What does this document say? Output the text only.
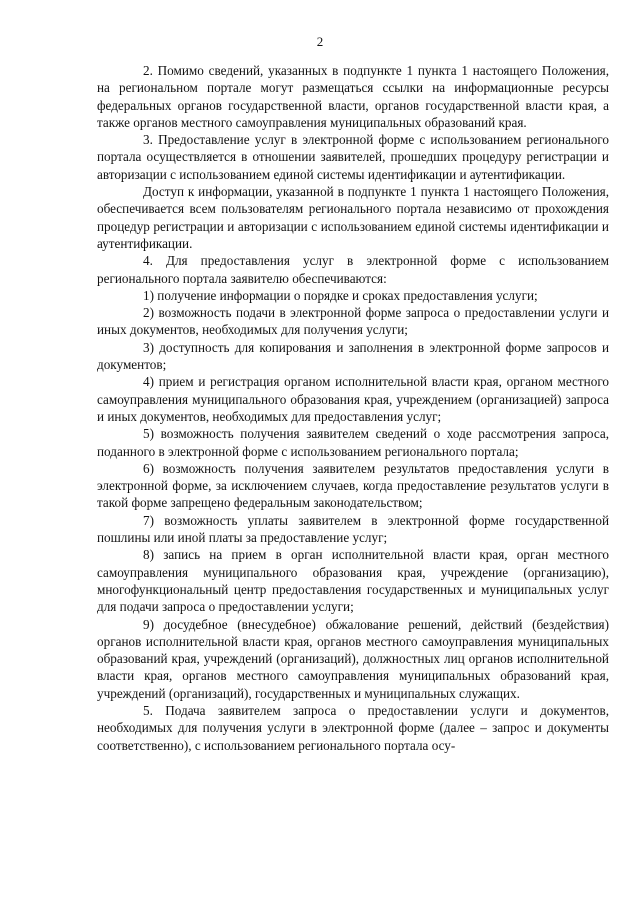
2

2. Помимо сведений, указанных в подпункте 1 пункта 1 настоящего Положения, на региональном портале могут размещаться ссылки на информационные ресурсы федеральных органов государственной власти, органов государственной власти края, а также органов местного самоуправления муниципальных образований края.

3. Предоставление услуг в электронной форме с использованием регионального портала осуществляется в отношении заявителей, прошедших процедуру регистрации и авторизации с использованием единой системы идентификации и аутентификации.

Доступ к информации, указанной в подпункте 1 пункта 1 настоящего Положения, обеспечивается всем пользователям регионального портала независимо от прохождения процедур регистрации и авторизации с использованием единой системы идентификации и аутентификации.

4. Для предоставления услуг в электронной форме с использованием регионального портала заявителю обеспечиваются:

1) получение информации о порядке и сроках предоставления услуги;

2) возможность подачи в электронной форме запроса о предоставлении услуги и иных документов, необходимых для получения услуги;

3) доступность для копирования и заполнения в электронной форме запросов и документов;

4) прием и регистрация органом исполнительной власти края, органом местного самоуправления муниципального образования края, учреждением (организацией) запроса и иных документов, необходимых для предоставления услуг;

5) возможность получения заявителем сведений о ходе рассмотрения запроса, поданного в электронной форме с использованием регионального портала;

6) возможность получения заявителем результатов предоставления услуги в электронной форме, за исключением случаев, когда предоставление результатов услуги в такой форме запрещено федеральным законодательством;

7) возможность уплаты заявителем в электронной форме государственной пошлины или иной платы за предоставление услуг;

8) запись на прием в орган исполнительной власти края, орган местного самоуправления муниципального образования края, учреждение (организацию), многофункциональный центр предоставления государственных и муниципальных услуг для подачи запроса о предоставлении услуги;

9) досудебное (внесудебное) обжалование решений, действий (бездействия) органов исполнительной власти края, органов местного самоуправления муниципальных образований края, учреждений (организаций), должностных лиц органов исполнительной власти края, органов местного самоуправления муниципальных образований края, учреждений (организаций), государственных и муниципальных служащих.

5. Подача заявителем запроса о предоставлении услуги и документов, необходимых для получения услуги в электронной форме (далее – запрос и документы соответственно), с использованием регионального портала осу-
